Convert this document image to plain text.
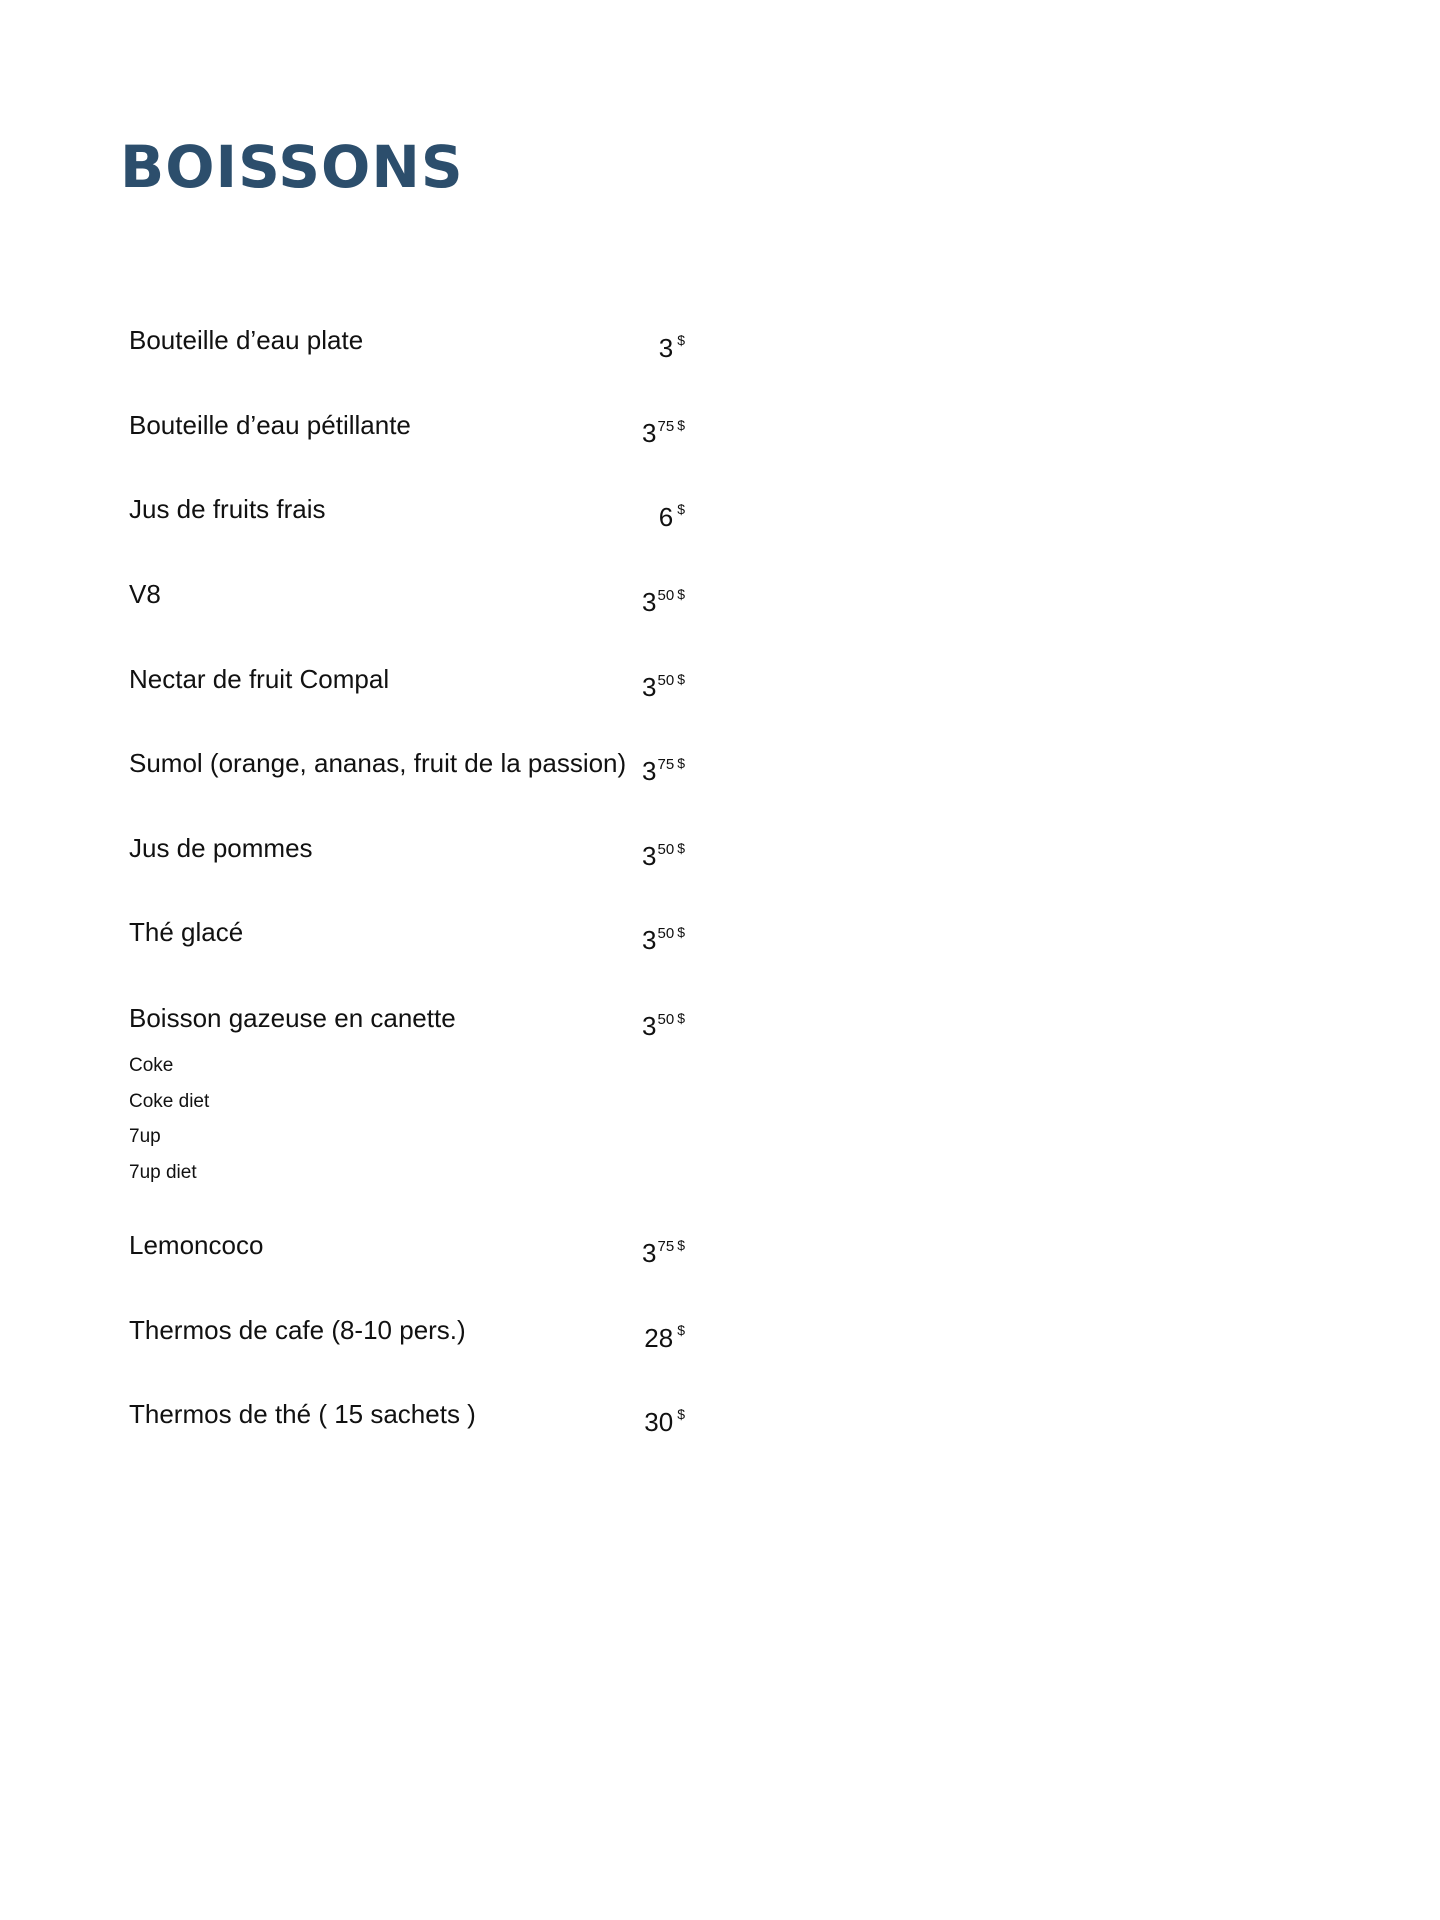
BOISSONS
Bouteille d’eau plate	3 $
Bouteille d’eau pétillante	375 $
Jus de fruits frais	6 $
V8	350 $
Nectar de fruit Compal	350 $
Sumol (orange, ananas, fruit de la passion) 375 $
Jus de pommes	350 $
Thé glacé	350 $
Boisson gazeuse en canette	350 $
Coke
Coke diet
7up
7up diet
Lemoncoco	375 $
Thermos de cafe (8-10 pers.)	28 $
Thermos de thé ( 15 sachets )	30 $
